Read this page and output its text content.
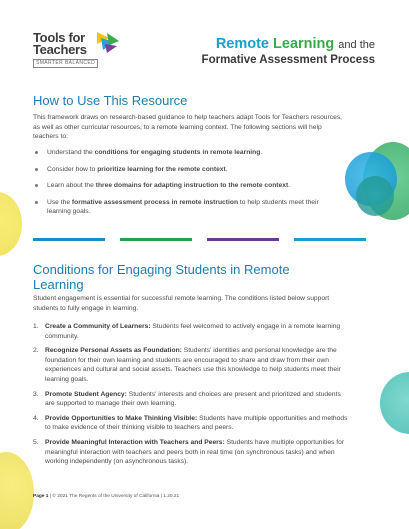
Tools for
Teachers
SMARTER BALANCED
Remote Learning and the
Formative Assessment Process
How to Use This Resource

This framework draws on research-based guidance to help teachers adapt Tools for Teachers resources, as well as other curricular resources, to a remote learning context. The following sections will help teachers to:

Understand the conditions for engaging students in remote learning.
Consider how to prioritize learning for the remote context.
Learn about the three domains for adapting instruction to the remote context.
Use the formative assessment process in remote instruction to help students meet their learning goals.
Conditions for Engaging Students in Remote Learning

Student engagement is essential for successful remote learning. The conditions listed below support students to fully engage in learning.

1. Create a Community of Learners: Students feel welcomed to actively engage in a remote learning community.
2. Recognize Personal Assets as Foundation: Students' identities and personal knowledge are the foundation for their own learning and students are encouraged to share and draw from their own experiences and cultural and social assets. Teachers use this knowledge to help students meet their learning goals.
3. Promote Student Agency: Students' interests and choices are present and prioritized and students are supported to manage their own learning.
4. Provide Opportunities to Make Thinking Visible: Students have multiple opportunities and methods to make evidence of their thinking visible to teachers and peers.
5. Provide Meaningful Interaction with Teachers and Peers: Students have multiple opportunities for meaningful interaction with teachers and peers both in real time (on synchronous tasks) and when working independently (on asynchronous tasks).
Page 1 | © 2021 The Regents of the University of California | 1.20.21
